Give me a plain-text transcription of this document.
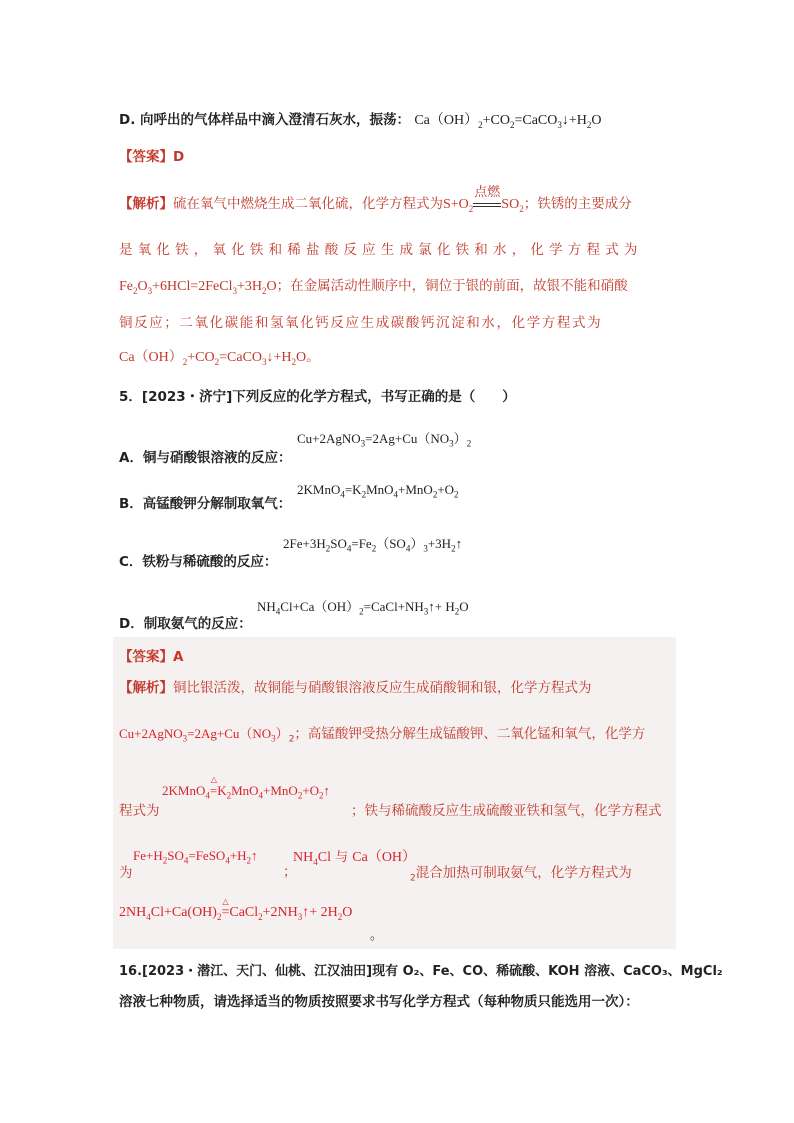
D. 向呼出的气体样品中滴入澄清石灰水，振荡： $Ca(OH)_2+CO_2=CaCO_3↓+H_2O$
【答案】D
【解析】硫在氧气中燃烧生成二氧化硫，化学方程式为$S+O_2$
点燃
$SO_2$；铁锈的主要成分
是氧化铁，氧化铁和稀盐酸反应生成氯化铁和水，化学方程式为
$Fe_2O_3+6HCl=2FeCl_3+3H_2O$；在金属活动性顺序中，铜位于银的前面，故银不能和硝酸
铜反应；二氧化碳能和氢氧化钙反应生成碳酸钙沉淀和水，化学方程式为
$Ca(OH)_2+CO_2=CaCO_3↓+H_2O$。
5．[2023・济宁]下列反应的化学方程式，书写正确的是（　　）
$Cu+2AgNO_3=2Ag+Cu(NO_3)_2$
A．铜与硝酸银溶液的反应：
$2KMnO_4=K_2MnO_4+MnO_2+O_2$
B．高锰酸钾分解制取氧气：
$2Fe+3H_2SO_4=Fe_2(SO_4)_3+3H_2↑$
C．铁粉与稀硫酸的反应：
$NH_4Cl+Ca(OH)_2=CaCl+NH_3↑+ H_2O$
D．制取氨气的反应：
【答案】A
【解析】铜比银活泼，故铜能与硝酸银溶液反应生成硝酸铜和银，化学方程式为
$Cu+2AgNO_3=2Ag+Cu(NO_3)_2$；高锰酸钾受热分解生成锰酸钾、二氧化锰和氧气，化学方
2KMnO$_4$
△
$=K_2MnO_4+MnO_2+O_2↑$
程式为	；铁与稀硫酸反应生成硫酸亚铁和氢气，化学方程式
$Fe+H_2SO_4=FeSO_4+H_2↑$
为	；
$NH_4Cl$ 与 Ca（OH）
$_2$混合加热可制取氨气，化学方程式为
$2NH_4Cl+Ca(OH)_2$
△
$=CaCl_2+2NH_3↑+ 2H_2O$
。
16.[2023・潜江、天门、仙桃、江汉油田]现有 O₂、Fe、CO、稀硫酸、KOH 溶液、CaCO₃、MgCl₂
溶液七种物质，请选择适当的物质按照要求书写化学方程式（每种物质只能选用一次）：
